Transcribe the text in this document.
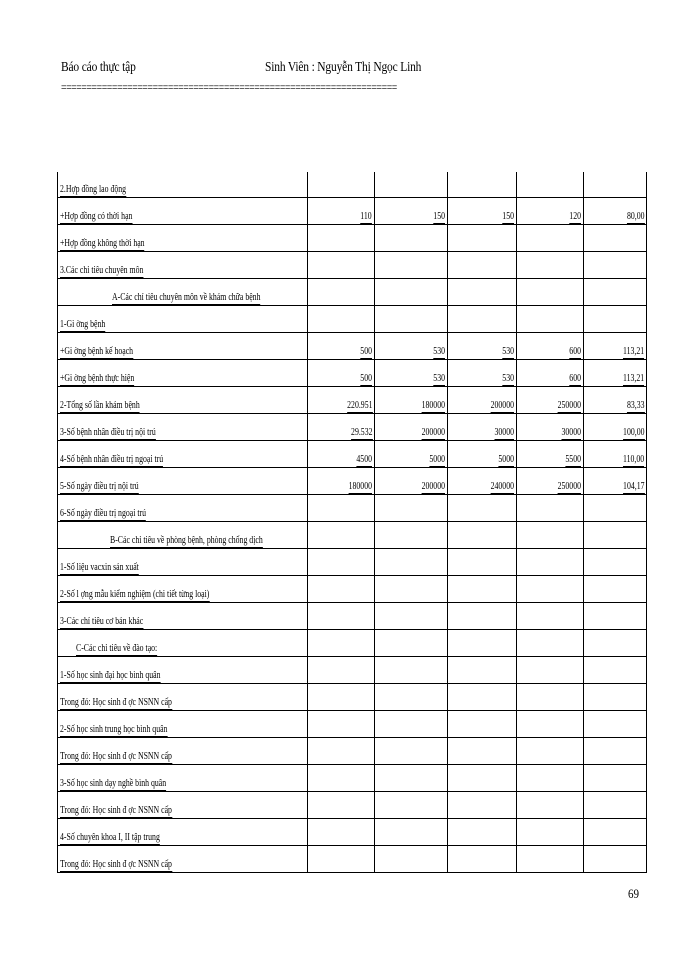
Báo cáo thực tập	Sinh Viên : Nguyễn Thị Ngọc Linh
==================================================================
2.Hợp đồng lao động					
+Hợp đồng có thời hạn	110	150	150	120	80,00
+Hợp đồng không thời hạn					
3.Các chỉ tiêu chuyên môn					
A-Các chỉ tiêu chuyên môn về khám chữa bệnh					
1-Gi ờng bệnh					
+Gi ờng bệnh kế hoạch	500	530	530	600	113,21
+Gi ờng bệnh thực hiện	500	530	530	600	113,21
2-Tổng số lần khám bệnh	220.951	180000	200000	250000	83,33
3-Số bệnh nhân điều trị nội trú	29.532	200000	30000	30000	100,00
4-Số bệnh nhân điều trị ngoại trú	4500	5000	5000	5500	110,00
5-Số ngày điều trị nội trú	180000	200000	240000	250000	104,17
6-Số ngày điều trị ngoại trú					
B-Các chỉ tiêu về phòng bệnh, phòng chống dịch					
1-Số liệu vacxin sản xuất					
2-Số l ợng mẫu kiểm nghiệm (chi tiết từng loại)					
3-Các chỉ tiêu cơ bản khác					
C-Các chỉ tiêu về đào tạo:					
1-Số học sinh đại học bình quân					
Trong đó: Học sinh đ ợc NSNN cấp					
2-Số học sinh trung học bình quân					
Trong đó: Học sinh đ ợc NSNN cấp					
3-Số học sinh dạy nghề bình quân					
Trong đó: Học sinh đ ợc NSNN cấp					
4-Số chuyên khoa I, II tập trung					
Trong đó: Học sinh đ ợc NSNN cấp					
69
